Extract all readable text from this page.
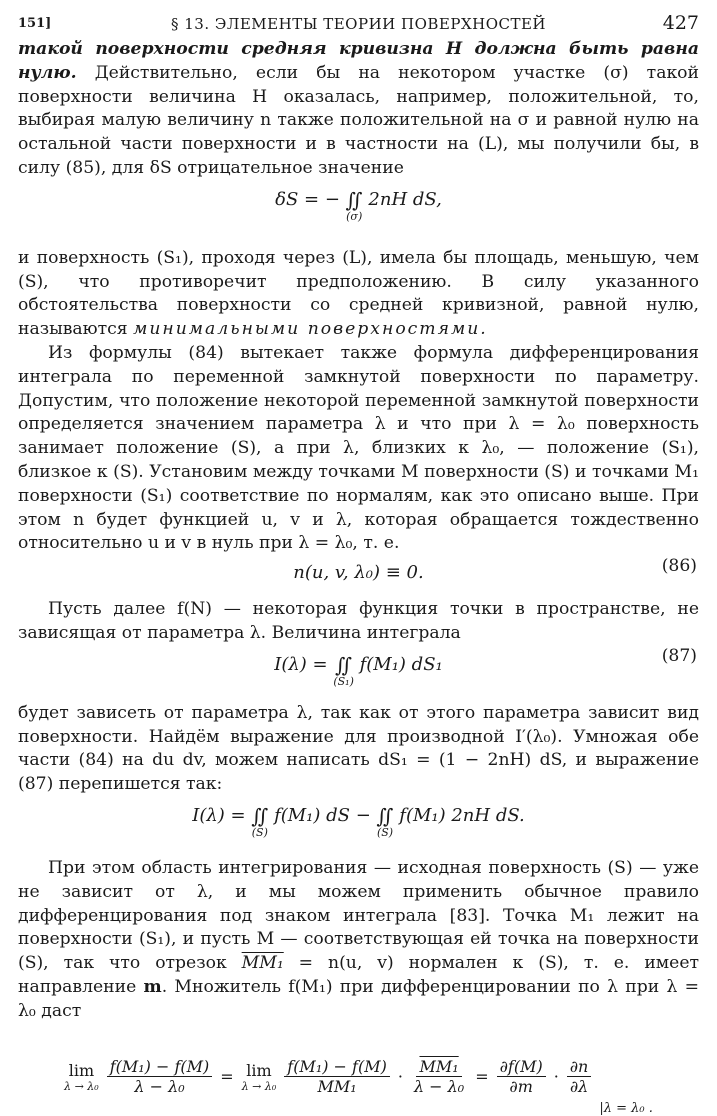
151]	§ 13. ЭЛЕМЕНТЫ ТЕОРИИ ПОВЕРХНОСТЕЙ	427

такой поверхности средняя кривизна H должна быть равна нулю. Действительно, если бы на некотором участке (σ) такой поверхности величина H оказалась, например, положительной, то, выбирая малую величину n также положительной на σ и равной нулю на остальной части поверхности и в частности на (L), мы получили бы, в силу (85), для δS отрицательное значение

δS = − ∬
(σ)
2nH dS,

и поверхность (S₁), проходя через (L), имела бы площадь, меньшую, чем (S), что противоречит предположению. В силу указанного обстоятельства поверхности со средней кривизной, равной нулю, называются минимальными поверхностями.

Из формулы (84) вытекает также формула дифференцирования интеграла по переменной замкнутой поверхности по параметру. Допустим, что положение некоторой переменной замкнутой поверхности определяется значением параметра λ и что при λ = λ₀ поверхность занимает положение (S), а при λ, близких к λ₀, — положение (S₁), близкое к (S). Установим между точками M поверхности (S) и точками M₁ поверхности (S₁) соответствие по нормалям, как это описано выше. При этом n будет функцией u, v и λ, которая обращается тождественно относительно u и v в нуль при λ = λ₀, т. е.

n(u, v, λ₀) ≡ 0.	(86)

Пусть далее f(N) — некоторая функция точки в пространстве, не зависящая от параметра λ. Величина интеграла

I(λ) = ∬
(S₁)
f(M₁) dS₁	(87)

будет зависеть от параметра λ, так как от этого параметра зависит вид поверхности. Найдём выражение для производной I′(λ₀). Умножая обе части (84) на du dv, можем написать dS₁ = (1 − 2nH) dS, и выражение (87) перепишется так:

I(λ) = ∬
(S)
f(M₁) dS − ∬
(S)
f(M₁) 2nH dS.

При этом область интегрирования — исходная поверхность (S) — уже не зависит от λ, и мы можем применить обычное правило дифференцирования под знаком интеграла [83]. Точка M₁ лежит на поверхности (S₁), и пусть M — соответствующая ей точка на поверхности (S), так что отрезок MM₁ = n(u, v) нормален к (S), т. е. имеет направление m. Множитель f(M₁) при дифференцировании по λ при λ = λ₀ даст

lim
$\lambda \to \lambda_0 \frac{\text{f(M₁) − f(M)}}{\text{λ − λ₀}} = \lim$
$\lambda \to \lambda_0 \frac{\text{f(M₁) − f(M)}}{\text{MM₁}} \cdot \frac{\text{MM₁}}{\text{λ − λ₀}} = \frac{\partial f(M)}{\partial m} \cdot \frac{\partial n}{\partial\lambda}$
|λ = λ₀ .
